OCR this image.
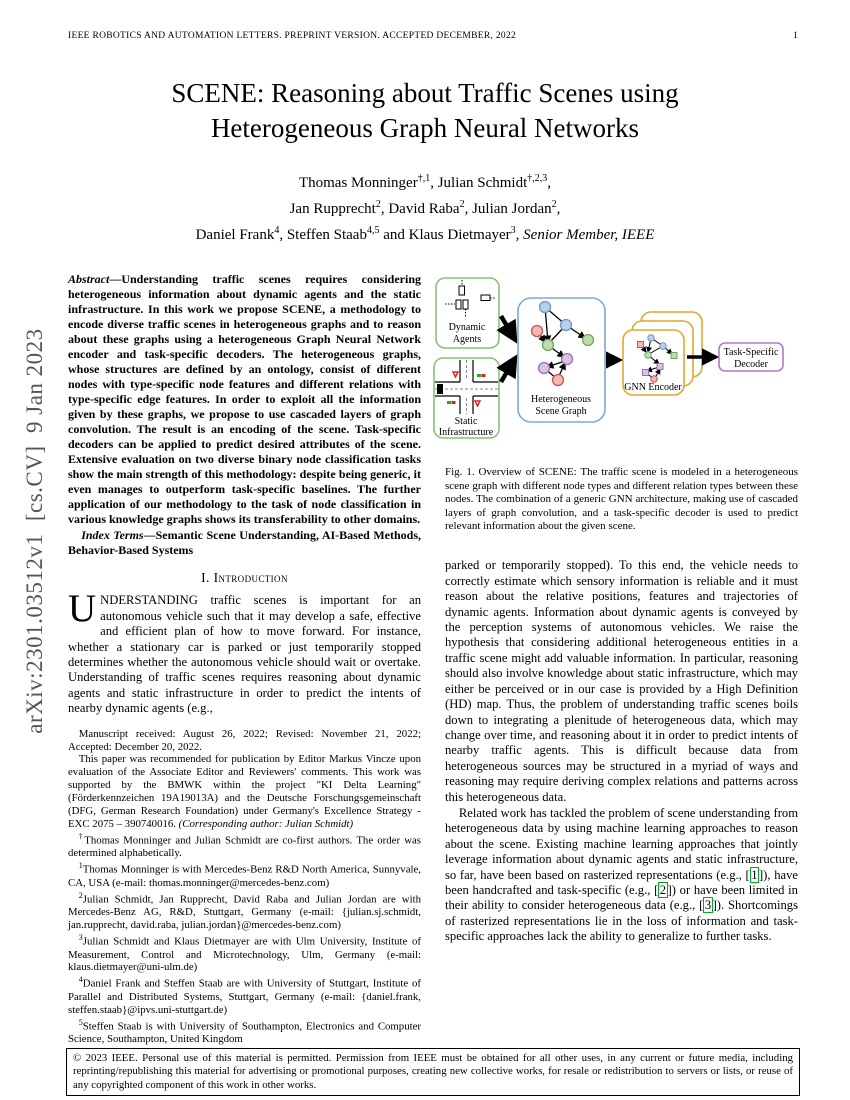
IEEE ROBOTICS AND AUTOMATION LETTERS. PREPRINT VERSION. ACCEPTED DECEMBER, 2022	1
arXiv:2301.03512v1  [cs.CV]  9 Jan 2023
SCENE: Reasoning about Traffic Scenes using
Heterogeneous Graph Neural Networks
Thomas Monninger$^{\dagger,1}$, Julian Schmidt$^{\dagger,2,3}$,
Jan Rupprecht$^2$, David Raba$^2$, Julian Jordan$^2$,
Daniel Frank$^4$, Steffen Staab$^{4,5}$ and Klaus Dietmayer$^3$, Senior Member, IEEE

Abstract—Understanding traffic scenes requires considering heterogeneous information about dynamic agents and the static infrastructure. In this work we propose SCENE, a methodology to encode diverse traffic scenes in heterogeneous graphs and to reason about these graphs using a heterogeneous Graph Neural Network encoder and task-specific decoders. The heterogeneous graphs, whose structures are defined by an ontology, consist of different nodes with type-specific node features and different relations with type-specific edge features. In order to exploit all the information given by these graphs, we propose to use cascaded layers of graph convolution. The result is an encoding of the scene. Task-specific decoders can be applied to predict desired attributes of the scene. Extensive evaluation on two diverse binary node classification tasks show the main strength of this methodology: despite being generic, it even manages to outperform task-specific baselines. The further application of our methodology to the task of node classification in various knowledge graphs shows its transferability to other domains.

Index Terms—Semantic Scene Understanding, AI-Based Methods, Behavior-Based Systems

I. Introduction

UNDERSTANDING traffic scenes is important for an autonomous vehicle such that it may develop a safe, effective and efficient plan of how to move forward. For instance, whether a stationary car is parked or just temporarily stopped determines whether the autonomous vehicle should wait or overtake. Understanding of traffic scenes requires reasoning about dynamic agents and static infrastructure in order to predict the intents of nearby dynamic agents (e.g.,

Manuscript received: August 26, 2022; Revised: November 21, 2022; Accepted: December 20, 2022.

This paper was recommended for publication by Editor Markus Vincze upon evaluation of the Associate Editor and Reviewers' comments. This work was supported by the BMWK within the project "KI Delta Learning" (Förderkennzeichen 19A19013A) and the Deutsche Forschungsgemeinschaft (DFG, German Research Foundation) under Germany's Excellence Strategy - EXC 2075 – 390740016. (Corresponding author: Julian Schmidt)

†Thomas Monninger and Julian Schmidt are co-first authors. The order was determined alphabetically.

$^1$Thomas Monninger is with Mercedes-Benz R&D North America, Sunnyvale, CA, USA (e-mail: thomas.monninger@mercedes-benz.com)

$^2$Julian Schmidt, Jan Rupprecht, David Raba and Julian Jordan are with Mercedes-Benz AG, R&D, Stuttgart, Germany (e-mail: {julian.sj.schmidt, jan.rupprecht, david.raba, julian.jordan}@mercedes-benz.com)

$^3$Julian Schmidt and Klaus Dietmayer are with Ulm University, Institute of Measurement, Control and Microtechnology, Ulm, Germany (e-mail: klaus.dietmayer@uni-ulm.de)

$^4$Daniel Frank and Steffen Staab are with University of Stuttgart, Institute of Parallel and Distributed Systems, Stuttgart, Germany (e-mail: {daniel.frank, steffen.staab}@ipvs.uni-stuttgart.de)

$^5$Steffen Staab is with University of Southampton, Electronics and Computer Science, Southampton, United Kingdom

Dynamic
Agents
Static
Infrastructure
Heterogeneous
Scene Graph
GNN Encoder
Task-Specific
Decoder

Fig. 1. Overview of SCENE: The traffic scene is modeled in a heterogeneous scene graph with different node types and different relation types between these nodes. The combination of a generic GNN architecture, making use of cascaded layers of graph convolution, and a task-specific decoder is used to predict relevant information about the given scene.

parked or temporarily stopped). To this end, the vehicle needs to correctly estimate which sensory information is reliable and it must reason about the relative positions, features and trajectories of dynamic agents. Information about dynamic agents is conveyed by the perception systems of autonomous vehicles. We raise the hypothesis that considering additional heterogeneous entities in a traffic scene might add valuable information. In particular, reasoning should also involve knowledge about static infrastructure, which may either be perceived or in our case is provided by a High Definition (HD) map. Thus, the problem of understanding traffic scenes boils down to integrating a plenitude of heterogeneous data, which may change over time, and reasoning about it in order to predict intents of nearby traffic agents. This is difficult because data from heterogeneous sources may be structured in a myriad of ways and reasoning may require deriving complex relations and patterns across this heterogeneous data.

Related work has tackled the problem of scene understanding from heterogeneous data by using machine learning approaches to reason about the scene. Existing machine learning approaches that jointly leverage information about dynamic agents and static infrastructure, so far, have been based on rasterized representations (e.g., [ 1 ]), have been handcrafted and task-specific (e.g., [ 2 ]) or have been limited in their ability to consider heterogeneous data (e.g., [ 3 ]). Shortcomings of rasterized representations lie in the loss of information and task-specific approaches lack the ability to generalize to further tasks.

© 2023 IEEE. Personal use of this material is permitted. Permission from IEEE must be obtained for all other uses, in any current or future media, including reprinting/republishing this material for advertising or promotional purposes, creating new collective works, for resale or redistribution to servers or lists, or reuse of any copyrighted component of this work in other works.
